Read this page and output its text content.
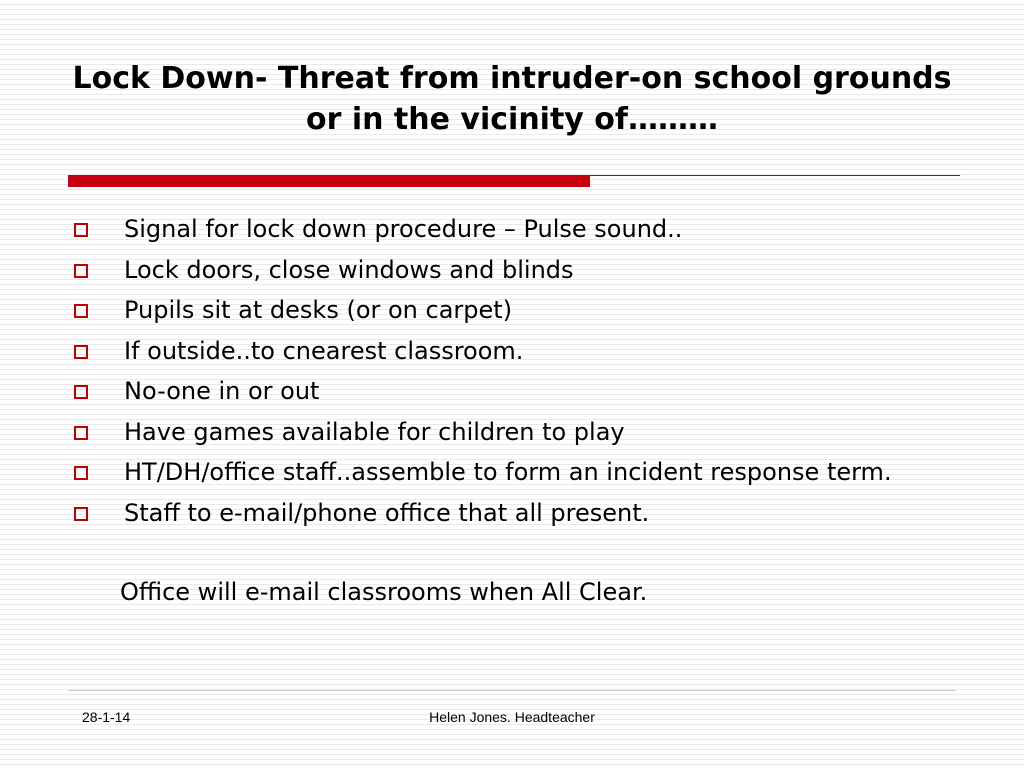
Lock Down- Threat from intruder-on school grounds or in the vicinity of………
Signal for lock down procedure – Pulse sound..
Lock doors, close windows and blinds
Pupils sit at desks (or on carpet)
If outside..to cnearest classroom.
No-one in or out
Have games available for children to play
HT/DH/office staff..assemble to form an incident response term.
Staff to e-mail/phone office that all present.
Office will e-mail classrooms when All Clear.
28-1-14	Helen Jones. Headteacher
